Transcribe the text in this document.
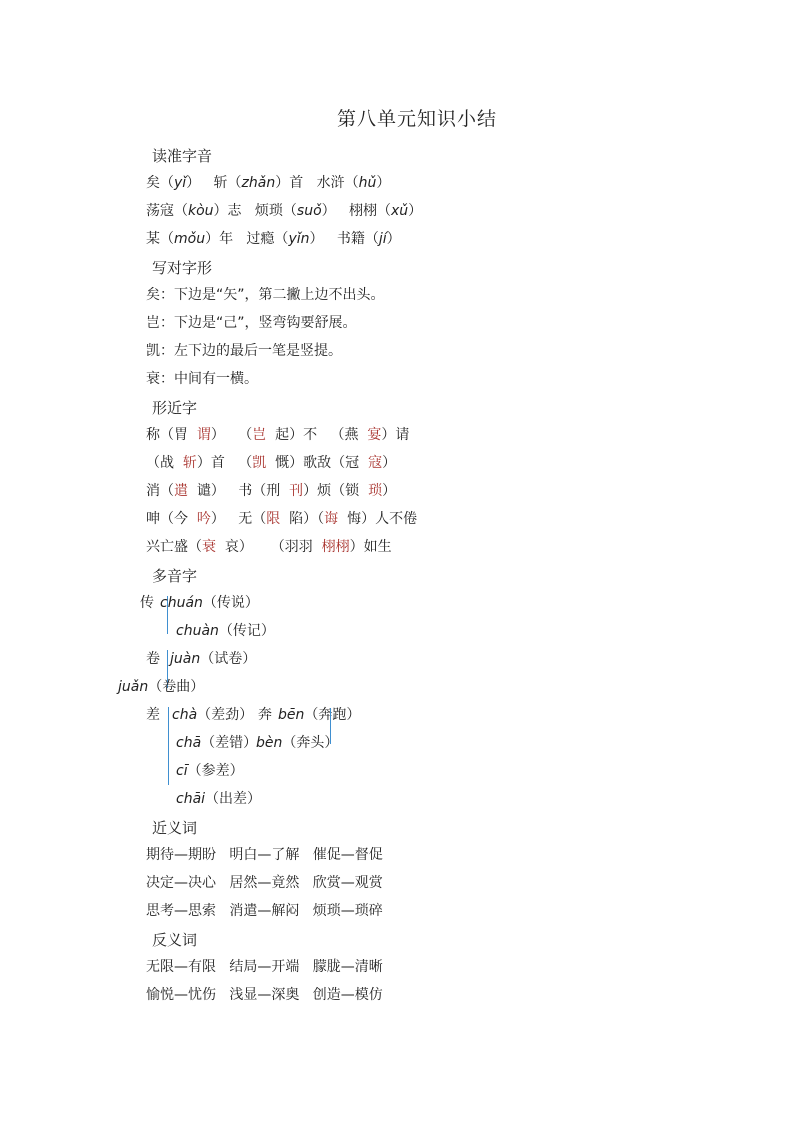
第八单元知识小结
读准字音
矣（yǐ）   斩（zhǎn）首   水浒（hǔ）
荡寇（kòu）志   烦琐（suǒ）   栩栩（xǔ）
某（mǒu）年   过瘾（yǐn）   书籍（jí）
写对字形
矣：下边是“矢”，第二撇上边不出头。
岂：下边是“己”，竖弯钩要舒展。
凯：左下边的最后一笔是竖提。
衰：中间有一横。
形近字
称（胃  谓）   （岂  起）不   （燕  宴）请
（战  斩）首   （凯  慨）歌敌（冠  寇）
消（遣  谴）   书（刑  刊）烦（锁  琐）
呻（今  吟）   无（限  陷）（诲  悔）人不倦
兴亡盛（衰  哀）    （羽羽  栩栩）如生
多音字
传 chuán（传说）
chuàn（传记）
卷 juàn（试卷）
juǎn（卷曲）
差 chà（差劲） 奔 bēn（奔跑）
chā（差错）
bèn（奔头）
cī（参差）
chāi（出差）
近义词
期待—期盼   明白—了解   催促—督促
决定—决心   居然—竟然   欣赏—观赏
思考—思索   消遣—解闷   烦琐—琐碎
反义词
无限—有限   结局—开端   朦胧—清晰
愉悦—忧伤   浅显—深奥   创造—模仿
